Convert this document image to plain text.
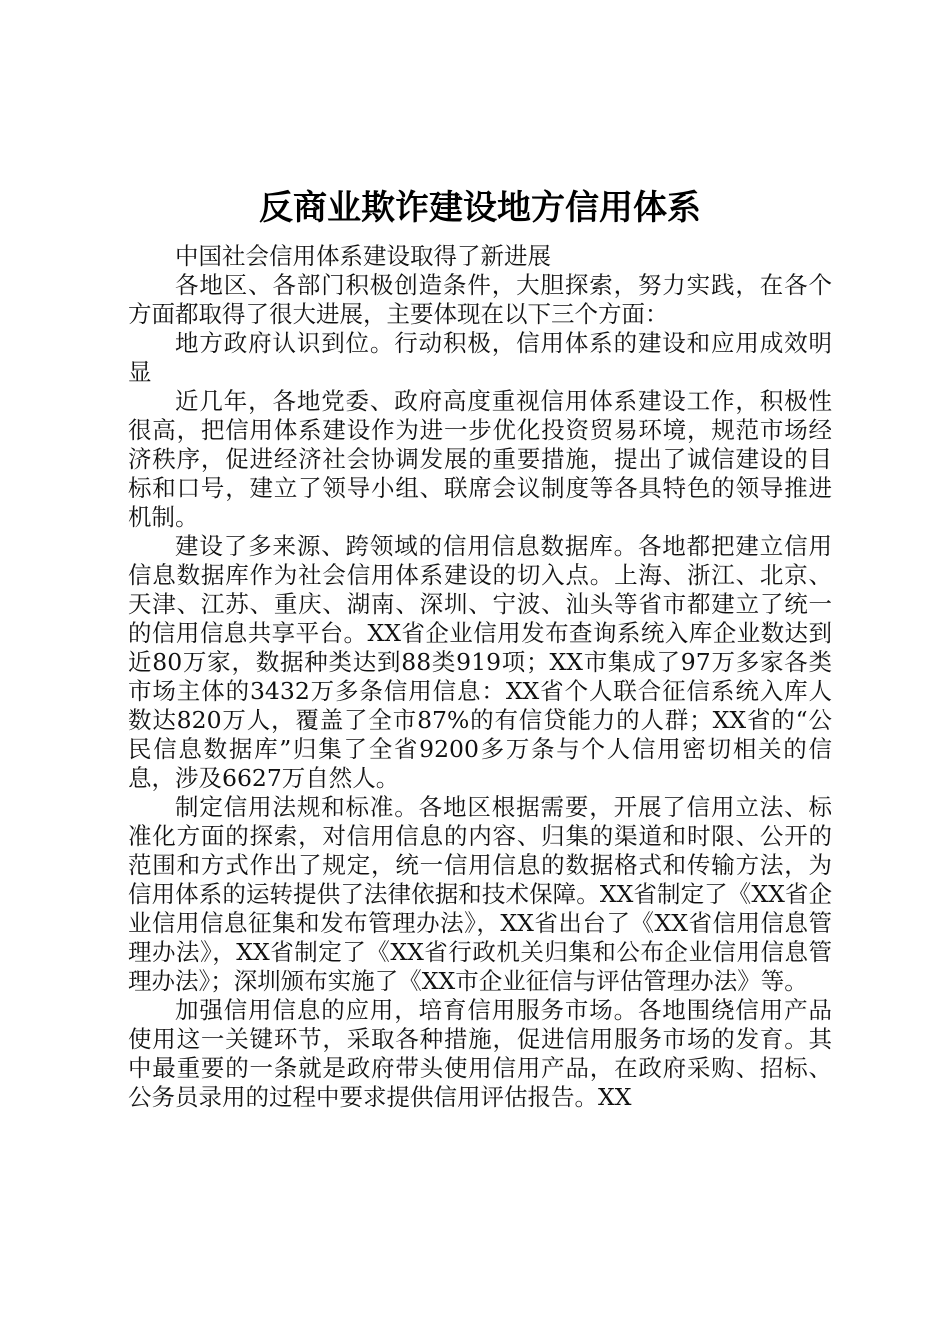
反商业欺诈建设地方信用体系

中国社会信用体系建设取得了新进展

各地区、各部门积极创造条件，大胆探索，努力实践，在各个方面都取得了很大进展，主要体现在以下三个方面：

地方政府认识到位。行动积极，信用体系的建设和应用成效明显

近几年，各地党委、政府高度重视信用体系建设工作，积极性很高，把信用体系建设作为进一步优化投资贸易环境，规范市场经济秩序，促进经济社会协调发展的重要措施，提出了诚信建设的目标和口号，建立了领导小组、联席会议制度等各具特色的领导推进机制。

建设了多来源、跨领域的信用信息数据库。各地都把建立信用信息数据库作为社会信用体系建设的切入点。上海、浙江、北京、天津、江苏、重庆、湖南、深圳、宁波、汕头等省市都建立了统一的信用信息共享平台。XX省企业信用发布查询系统入库企业数达到近80万家，数据种类达到88类919项；XX市集成了97万多家各类市场主体的3432万多条信用信息：XX省个人联合征信系统入库人数达820万人，覆盖了全市87%的有信贷能力的人群；XX省的“公民信息数据库”归集了全省9200多万条与个人信用密切相关的信息，涉及6627万自然人。

制定信用法规和标准。各地区根据需要，开展了信用立法、标准化方面的探索，对信用信息的内容、归集的渠道和时限、公开的范围和方式作出了规定，统一信用信息的数据格式和传输方法，为信用体系的运转提供了法律依据和技术保障。XX省制定了《XX省企业信用信息征集和发布管理办法》，XX省出台了《XX省信用信息管理办法》，XX省制定了《XX省行政机关归集和公布企业信用信息管理办法》；深圳颁布实施了《XX市企业征信与评估管理办法》等。

加强信用信息的应用，培育信用服务市场。各地围绕信用产品使用这一关键环节，采取各种措施，促进信用服务市场的发育。其中最重要的一条就是政府带头使用信用产品，在政府采购、招标、公务员录用的过程中要求提供信用评估报告。XX
